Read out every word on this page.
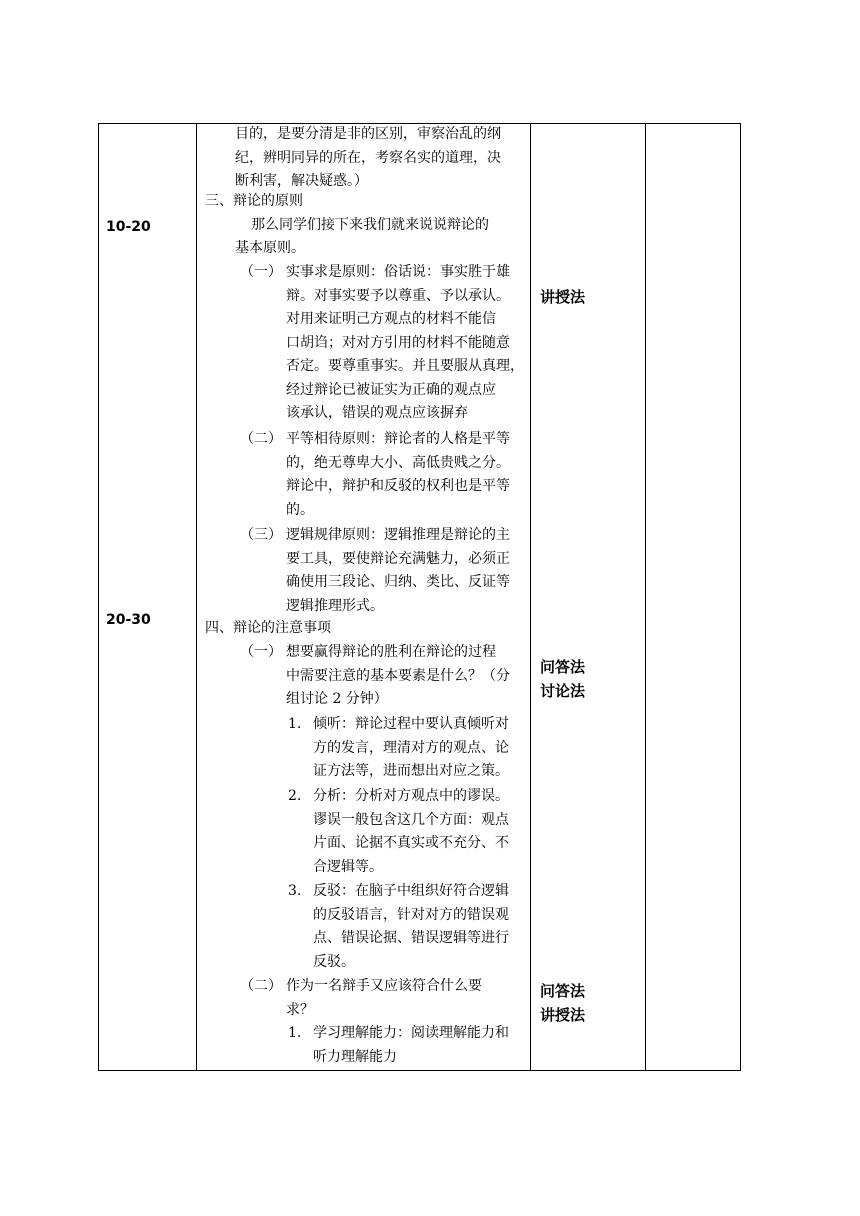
10-20
20-30
目的，是要分清是非的区别，审察治乱的纲
纪，辨明同异的所在，考察名实的道理，决
断利害，解决疑惑。）
三、辩论的原则
那么同学们接下来我们就来说说辩论的
基本原则。
（一） 实事求是原则：俗话说：事实胜于雄
辩。对事实要予以尊重、予以承认。
对用来证明己方观点的材料不能信
口胡诌；对对方引用的材料不能随意
否定。要尊重事实。并且要服从真理，
经过辩论已被证实为正确的观点应
该承认，错误的观点应该摒弃
（二） 平等相待原则：辩论者的人格是平等
的，绝无尊卑大小、高低贵贱之分。
辩论中，辩护和反驳的权利也是平等
的。
（三） 逻辑规律原则：逻辑推理是辩论的主
要工具，要使辩论充满魅力，必须正
确使用三段论、归纳、类比、反证等
逻辑推理形式。
四、辩论的注意事项
（一） 想要赢得辩论的胜利在辩论的过程
中需要注意的基本要素是什么？（分
组讨论 2 分钟）
1. 倾听：辩论过程中要认真倾听对
方的发言，理清对方的观点、论
证方法等，进而想出对应之策。
2. 分析：分析对方观点中的谬误。
谬误一般包含这几个方面：观点
片面、论据不真实或不充分、不
合逻辑等。
3. 反驳：在脑子中组织好符合逻辑
的反驳语言，针对对方的错误观
点、错误论据、错误逻辑等进行
反驳。
（二） 作为一名辩手又应该符合什么要
求？
1. 学习理解能力：阅读理解能力和
听力理解能力
讲授法
问答法
讨论法
问答法
讲授法
